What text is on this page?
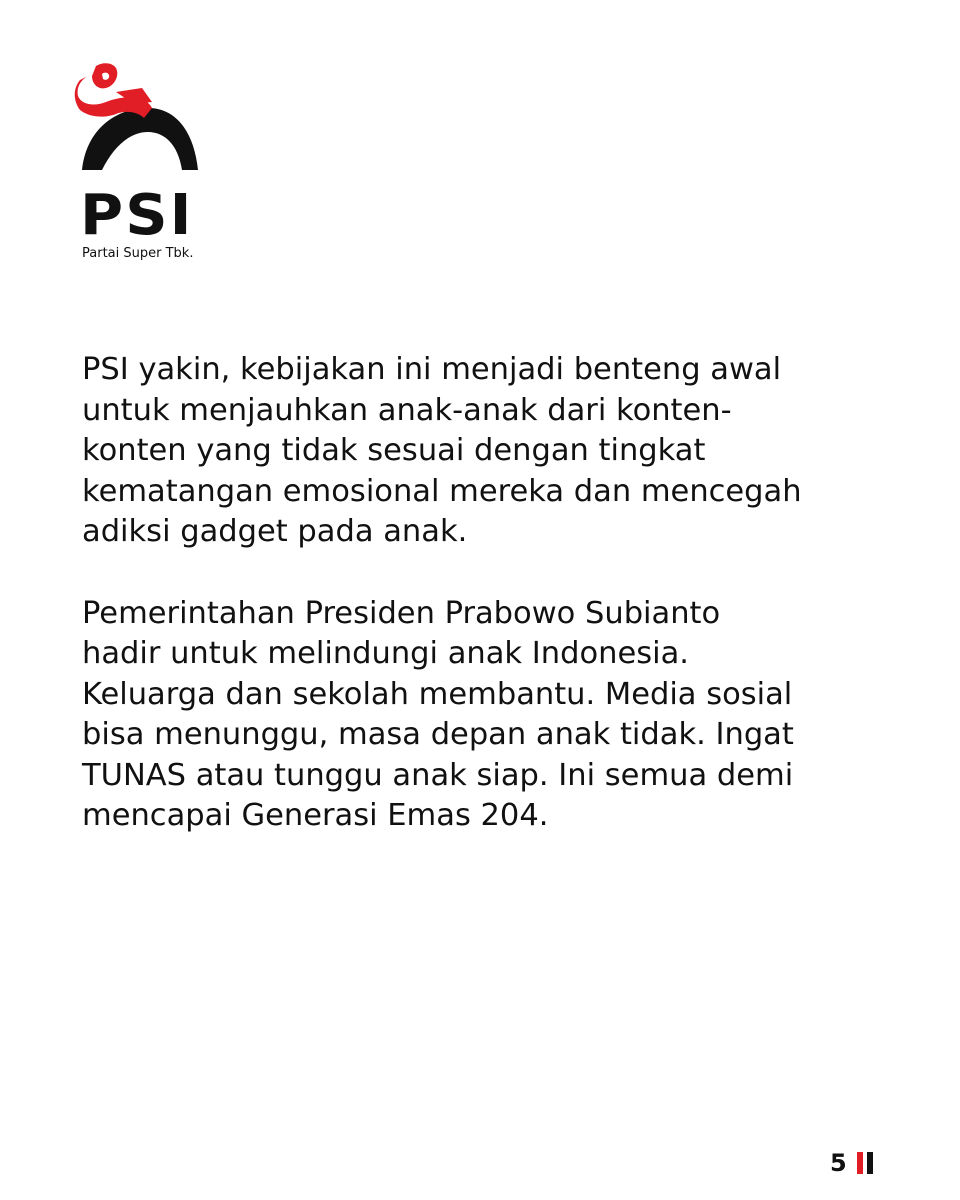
PSI
Partai Super Tbk.

PSI yakin, kebijakan ini menjadi benteng awal
untuk menjauhkan anak-anak dari konten-
konten yang tidak sesuai dengan tingkat
kematangan emosional mereka dan mencegah
adiksi gadget pada anak.

Pemerintahan Presiden Prabowo Subianto
hadir untuk melindungi anak Indonesia.
Keluarga dan sekolah membantu. Media sosial
bisa menunggu, masa depan anak tidak. Ingat
TUNAS atau tunggu anak siap. Ini semua demi
mencapai Generasi Emas 204.

5
